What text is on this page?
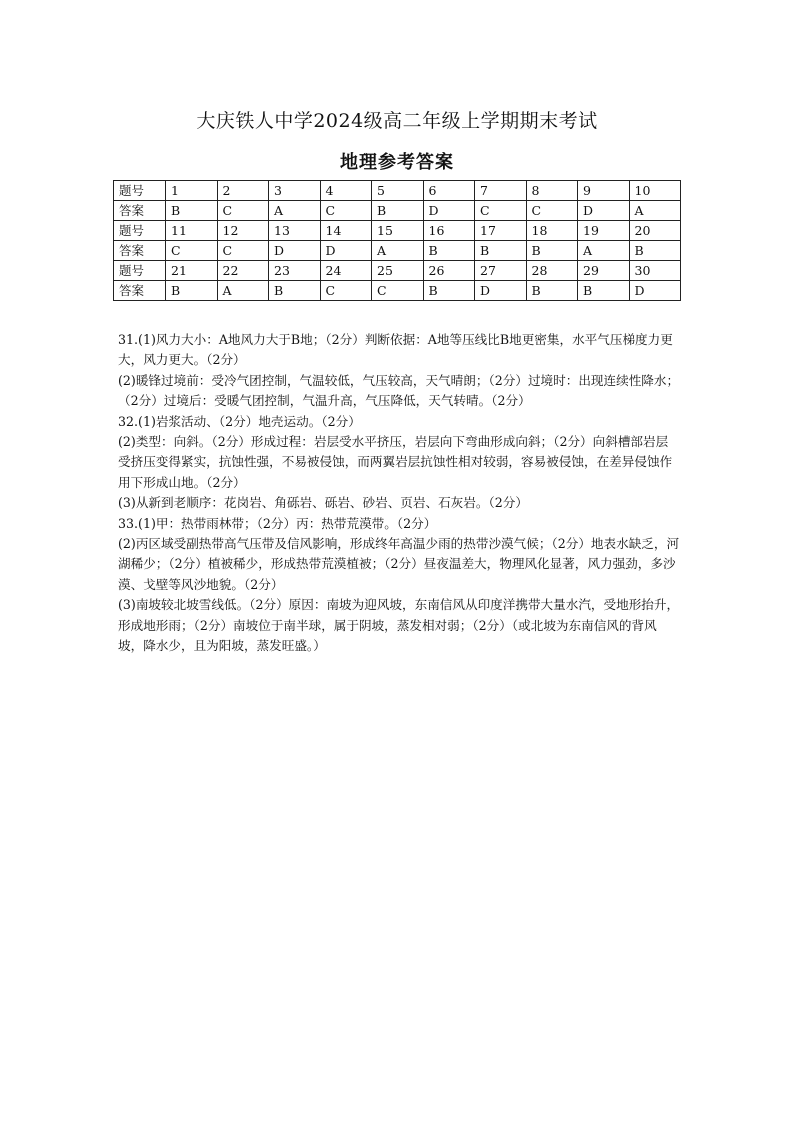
大庆铁人中学2024级高二年级上学期期末考试
地理参考答案
题号	1	2	3	4	5	6	7	8	9	10
答案	B	C	A	C	B	D	C	C	D	A
题号	11	12	13	14	15	16	17	18	19	20
答案	C	C	D	D	A	B	B	B	A	B
题号	21	22	23	24	25	26	27	28	29	30
答案	B	A	B	C	C	B	D	B	B	D

31.(1)风力大小：A地风力大于B地；（2分）判断依据：A地等压线比B地更密集，水平气压梯度力更大，风力更大。（2分）

(2)暖锋过境前：受冷气团控制，气温较低，气压较高，天气晴朗；（2分）过境时：出现连续性降水；（2分）过境后：受暖气团控制，气温升高，气压降低，天气转晴。（2分）

32.(1)岩浆活动、（2分）地壳运动。（2分）

(2)类型：向斜。（2分）形成过程：岩层受水平挤压，岩层向下弯曲形成向斜；（2分）向斜槽部岩层受挤压变得紧实，抗蚀性强，不易被侵蚀，而两翼岩层抗蚀性相对较弱，容易被侵蚀，在差异侵蚀作用下形成山地。（2分）

(3)从新到老顺序：花岗岩、角砾岩、砾岩、砂岩、页岩、石灰岩。（2分）

33.(1)甲：热带雨林带；（2分）丙：热带荒漠带。（2分）

(2)丙区域受副热带高气压带及信风影响，形成终年高温少雨的热带沙漠气候；（2分）地表水缺乏，河湖稀少；（2分）植被稀少，形成热带荒漠植被；（2分）昼夜温差大，物理风化显著，风力强劲，多沙漠、戈壁等风沙地貌。（2分）

(3)南坡较北坡雪线低。（2分）原因：南坡为迎风坡，东南信风从印度洋携带大量水汽，受地形抬升，形成地形雨；（2分）南坡位于南半球，属于阴坡，蒸发相对弱；（2分）（或北坡为东南信风的背风坡，降水少，且为阳坡，蒸发旺盛。）
